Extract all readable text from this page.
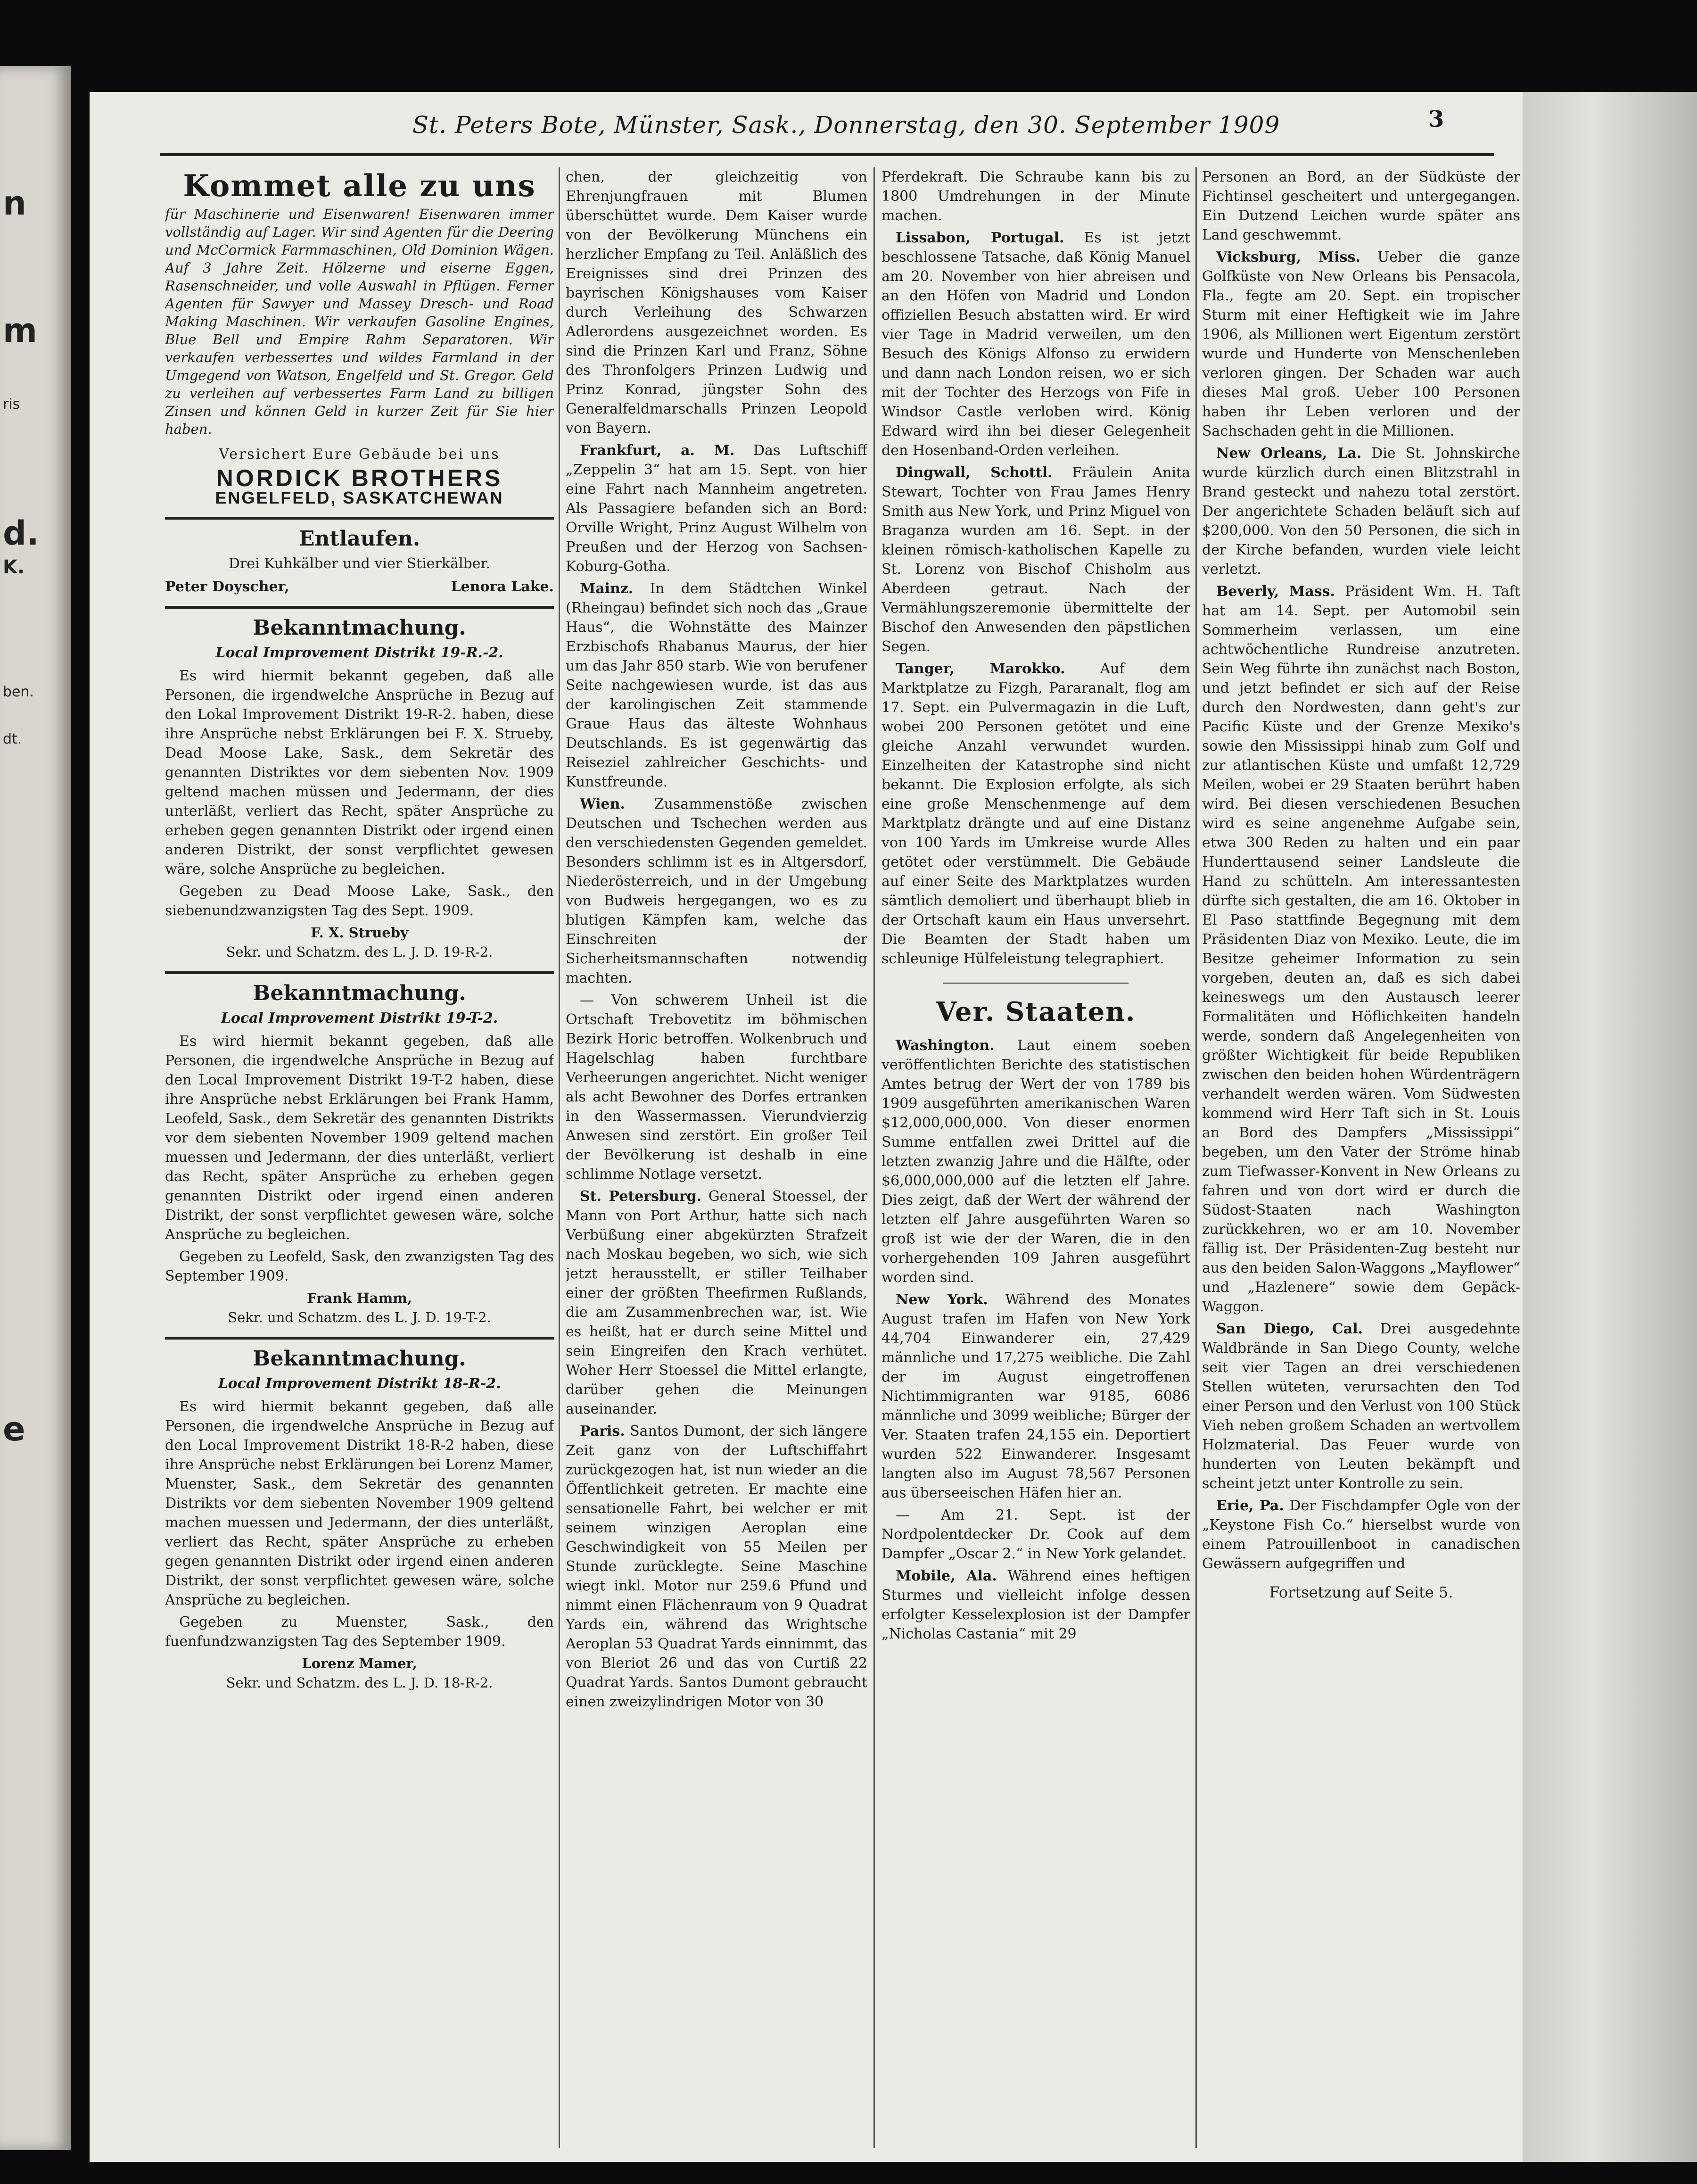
n
m
ris
d.
K.
ben.
dt.
e
St. Peters Bote, Münster, Sask., Donnerstag, den 30. September 1909	3
Kommet alle zu uns
für Maschinerie und Eisenwaren! Eisenwaren immer vollständig auf Lager. Wir sind Agenten für die Deering und McCormick Farmmaschinen, Old Dominion Wägen. Auf 3 Jahre Zeit. Hölzerne und eiserne Eggen, Rasenschneider, und volle Auswahl in Pflügen. Ferner Agenten für Sawyer und Massey Dresch- und Road Making Maschinen. Wir verkaufen Gasoline Engines, Blue Bell und Empire Rahm Separatoren. Wir verkaufen verbessertes und wildes Farmland in der Umgegend von Watson, Engelfeld und St. Gregor. Geld zu verleihen auf verbessertes Farm Land zu billigen Zinsen und können Geld in kurzer Zeit für Sie hier haben.
Versichert Eure Gebäude bei uns
NORDICK BROTHERS
ENGELFELD, SASKATCHEWAN
Entlaufen.
Drei Kuhkälber und vier Stierkälber.
Peter Doyscher,	Lenora Lake.
Bekanntmachung.
Local Improvement Distrikt 19-R.-2.

Es wird hiermit bekannt gegeben, daß alle Personen, die irgendwelche Ansprüche in Bezug auf den Lokal Improvement Distrikt 19-R-2. haben, diese ihre Ansprüche nebst Erklärungen bei F. X. Strueby, Dead Moose Lake, Sask., dem Sekretär des genannten Distriktes vor dem siebenten Nov. 1909 geltend machen müssen und Jedermann, der dies unterläßt, verliert das Recht, später Ansprüche zu erheben gegen genannten Distrikt oder irgend einen anderen Distrikt, der sonst verpflichtet gewesen wäre, solche Ansprüche zu begleichen.

Gegeben zu Dead Moose Lake, Sask., den siebenundzwanzigsten Tag des Sept. 1909.

F. X. Strueby
Sekr. und Schatzm. des L. J. D. 19-R-2.
Bekanntmachung.
Local Improvement Distrikt 19-T-2.

Es wird hiermit bekannt gegeben, daß alle Personen, die irgendwelche Ansprüche in Bezug auf den Local Improvement Distrikt 19-T-2 haben, diese ihre Ansprüche nebst Erklärungen bei Frank Hamm, Leofeld, Sask., dem Sekretär des genannten Distrikts vor dem siebenten November 1909 geltend machen muessen und Jedermann, der dies unterläßt, verliert das Recht, später Ansprüche zu erheben gegen genannten Distrikt oder irgend einen anderen Distrikt, der sonst verpflichtet gewesen wäre, solche Ansprüche zu begleichen.

Gegeben zu Leofeld, Sask, den zwanzigsten Tag des September 1909.

Frank Hamm,
Sekr. und Schatzm. des L. J. D. 19-T-2.
Bekanntmachung.
Local Improvement Distrikt 18-R-2.

Es wird hiermit bekannt gegeben, daß alle Personen, die irgendwelche Ansprüche in Bezug auf den Local Improvement Distrikt 18-R-2 haben, diese ihre Ansprüche nebst Erklärungen bei Lorenz Mamer, Muenster, Sask., dem Sekretär des genannten Distrikts vor dem siebenten November 1909 geltend machen muessen und Jedermann, der dies unterläßt, verliert das Recht, später Ansprüche zu erheben gegen genannten Distrikt oder irgend einen anderen Distrikt, der sonst verpflichtet gewesen wäre, solche Ansprüche zu begleichen.

Gegeben zu Muenster, Sask., den fuenfundzwanzigsten Tag des September 1909.

Lorenz Mamer,
Sekr. und Schatzm. des L. J. D. 18-R-2.

chen, der gleichzeitig von Ehrenjungfrauen mit Blumen überschüttet wurde. Dem Kaiser wurde von der Bevölkerung Münchens ein herzlicher Empfang zu Teil. Anläßlich des Ereignisses sind drei Prinzen des bayrischen Königshauses vom Kaiser durch Verleihung des Schwarzen Adlerordens ausgezeichnet worden. Es sind die Prinzen Karl und Franz, Söhne des Thronfolgers Prinzen Ludwig und Prinz Konrad, jüngster Sohn des Generalfeldmarschalls Prinzen Leopold von Bayern.

Frankfurt, a. M. Das Luftschiff „Zeppelin 3“ hat am 15. Sept. von hier eine Fahrt nach Mannheim angetreten. Als Passagiere befanden sich an Bord: Orville Wright, Prinz August Wilhelm von Preußen und der Herzog von Sachsen-Koburg-Gotha.

Mainz. In dem Städtchen Winkel (Rheingau) befindet sich noch das „Graue Haus“, die Wohnstätte des Mainzer Erzbischofs Rhabanus Maurus, der hier um das Jahr 850 starb. Wie von berufener Seite nachgewiesen wurde, ist das aus der karolingischen Zeit stammende Graue Haus das älteste Wohnhaus Deutschlands. Es ist gegenwärtig das Reiseziel zahlreicher Geschichts- und Kunstfreunde.

Wien. Zusammenstöße zwischen Deutschen und Tschechen werden aus den verschiedensten Gegenden gemeldet. Besonders schlimm ist es in Altgersdorf, Niederösterreich, und in der Umgebung von Budweis hergegangen, wo es zu blutigen Kämpfen kam, welche das Einschreiten der Sicherheitsmannschaften notwendig machten.

— Von schwerem Unheil ist die Ortschaft Trebovetitz im böhmischen Bezirk Horic betroffen. Wolkenbruch und Hagelschlag haben furchtbare Verheerungen angerichtet. Nicht weniger als acht Bewohner des Dorfes ertranken in den Wassermassen. Vierundvierzig Anwesen sind zerstört. Ein großer Teil der Bevölkerung ist deshalb in eine schlimme Notlage versetzt.

St. Petersburg. General Stoessel, der Mann von Port Arthur, hatte sich nach Verbüßung einer abgekürzten Strafzeit nach Moskau begeben, wo sich, wie sich jetzt herausstellt, er stiller Teilhaber einer der größten Theefirmen Rußlands, die am Zusammenbrechen war, ist. Wie es heißt, hat er durch seine Mittel und sein Eingreifen den Krach verhütet. Woher Herr Stoessel die Mittel erlangte, darüber gehen die Meinungen auseinander.

Paris. Santos Dumont, der sich längere Zeit ganz von der Luftschiffahrt zurückgezogen hat, ist nun wieder an die Öffentlichkeit getreten. Er machte eine sensationelle Fahrt, bei welcher er mit seinem winzigen Aeroplan eine Geschwindigkeit von 55 Meilen per Stunde zurücklegte. Seine Maschine wiegt inkl. Motor nur 259.6 Pfund und nimmt einen Flächenraum von 9 Quadrat Yards ein, während das Wrightsche Aeroplan 53 Quadrat Yards einnimmt, das von Bleriot 26 und das von Curtiß 22 Quadrat Yards. Santos Dumont gebraucht einen zweizylindrigen Motor von 30

Pferdekraft. Die Schraube kann bis zu 1800 Umdrehungen in der Minute machen.

Lissabon, Portugal. Es ist jetzt beschlossene Tatsache, daß König Manuel am 20. November von hier abreisen und an den Höfen von Madrid und London offiziellen Besuch abstatten wird. Er wird vier Tage in Madrid verweilen, um den Besuch des Königs Alfonso zu erwidern und dann nach London reisen, wo er sich mit der Tochter des Herzogs von Fife in Windsor Castle verloben wird. König Edward wird ihn bei dieser Gelegenheit den Hosenband-Orden verleihen.

Dingwall, Schottl. Fräulein Anita Stewart, Tochter von Frau James Henry Smith aus New York, und Prinz Miguel von Braganza wurden am 16. Sept. in der kleinen römisch-katholischen Kapelle zu St. Lorenz von Bischof Chisholm aus Aberdeen getraut. Nach der Vermählungszeremonie übermittelte der Bischof den Anwesenden den päpstlichen Segen.

Tanger, Marokko. Auf dem Marktplatze zu Fizgh, Pararanalt, flog am 17. Sept. ein Pulvermagazin in die Luft, wobei 200 Personen getötet und eine gleiche Anzahl verwundet wurden. Einzelheiten der Katastrophe sind nicht bekannt. Die Explosion erfolgte, als sich eine große Menschenmenge auf dem Marktplatz drängte und auf eine Distanz von 100 Yards im Umkreise wurde Alles getötet oder verstümmelt. Die Gebäude auf einer Seite des Marktplatzes wurden sämtlich demoliert und überhaupt blieb in der Ortschaft kaum ein Haus unversehrt. Die Beamten der Stadt haben um schleunige Hülfeleistung telegraphiert.

Ver. Staaten.

Washington. Laut einem soeben veröffentlichten Berichte des statistischen Amtes betrug der Wert der von 1789 bis 1909 ausgeführten amerikanischen Waren $12,000,000,000. Von dieser enormen Summe entfallen zwei Drittel auf die letzten zwanzig Jahre und die Hälfte, oder $6,000,000,000 auf die letzten elf Jahre. Dies zeigt, daß der Wert der während der letzten elf Jahre ausgeführten Waren so groß ist wie der der Waren, die in den vorhergehenden 109 Jahren ausgeführt worden sind.

New York. Während des Monates August trafen im Hafen von New York 44,704 Einwanderer ein, 27,429 männliche und 17,275 weibliche. Die Zahl der im August eingetroffenen Nichtimmigranten war 9185, 6086 männliche und 3099 weibliche; Bürger der Ver. Staaten trafen 24,155 ein. Deportiert wurden 522 Einwanderer. Insgesamt langten also im August 78,567 Personen aus überseeischen Häfen hier an.

— Am 21. Sept. ist der Nordpolentdecker Dr. Cook auf dem Dampfer „Oscar 2.“ in New York gelandet.

Mobile, Ala. Während eines heftigen Sturmes und vielleicht infolge dessen erfolgter Kesselexplosion ist der Dampfer „Nicholas Castania“ mit 29

Personen an Bord, an der Südküste der Fichtinsel gescheitert und untergegangen. Ein Dutzend Leichen wurde später ans Land geschwemmt.

Vicksburg, Miss. Ueber die ganze Golfküste von New Orleans bis Pensacola, Fla., fegte am 20. Sept. ein tropischer Sturm mit einer Heftigkeit wie im Jahre 1906, als Millionen wert Eigentum zerstört wurde und Hunderte von Menschenleben verloren gingen. Der Schaden war auch dieses Mal groß. Ueber 100 Personen haben ihr Leben verloren und der Sachschaden geht in die Millionen.

New Orleans, La. Die St. Johnskirche wurde kürzlich durch einen Blitzstrahl in Brand gesteckt und nahezu total zerstört. Der angerichtete Schaden beläuft sich auf $200,000. Von den 50 Personen, die sich in der Kirche befanden, wurden viele leicht verletzt.

Beverly, Mass. Präsident Wm. H. Taft hat am 14. Sept. per Automobil sein Sommerheim verlassen, um eine achtwöchentliche Rundreise anzutreten. Sein Weg führte ihn zunächst nach Boston, und jetzt befindet er sich auf der Reise durch den Nordwesten, dann geht's zur Pacific Küste und der Grenze Mexiko's sowie den Mississippi hinab zum Golf und zur atlantischen Küste und umfaßt 12,729 Meilen, wobei er 29 Staaten berührt haben wird. Bei diesen verschiedenen Besuchen wird es seine angenehme Aufgabe sein, etwa 300 Reden zu halten und ein paar Hunderttausend seiner Landsleute die Hand zu schütteln. Am interessantesten dürfte sich gestalten, die am 16. Oktober in El Paso stattfinde Begegnung mit dem Präsidenten Diaz von Mexiko. Leute, die im Besitze geheimer Information zu sein vorgeben, deuten an, daß es sich dabei keineswegs um den Austausch leerer Formalitäten und Höflichkeiten handeln werde, sondern daß Angelegenheiten von größter Wichtigkeit für beide Republiken zwischen den beiden hohen Würdenträgern verhandelt werden wären. Vom Südwesten kommend wird Herr Taft sich in St. Louis an Bord des Dampfers „Mississippi“ begeben, um den Vater der Ströme hinab zum Tiefwasser-Konvent in New Orleans zu fahren und von dort wird er durch die Südost-Staaten nach Washington zurückkehren, wo er am 10. November fällig ist. Der Präsidenten-Zug besteht nur aus den beiden Salon-Waggons „Mayflower“ und „Hazlenere“ sowie dem Gepäck-Waggon.

San Diego, Cal. Drei ausgedehnte Waldbrände in San Diego County, welche seit vier Tagen an drei verschiedenen Stellen wüteten, verursachten den Tod einer Person und den Verlust von 100 Stück Vieh neben großem Schaden an wertvollem Holzmaterial. Das Feuer wurde von hunderten von Leuten bekämpft und scheint jetzt unter Kontrolle zu sein.

Erie, Pa. Der Fischdampfer Ogle von der „Keystone Fish Co.“ hierselbst wurde von einem Patrouillenboot in canadischen Gewässern aufgegriffen und

Fortsetzung auf Seite 5.
